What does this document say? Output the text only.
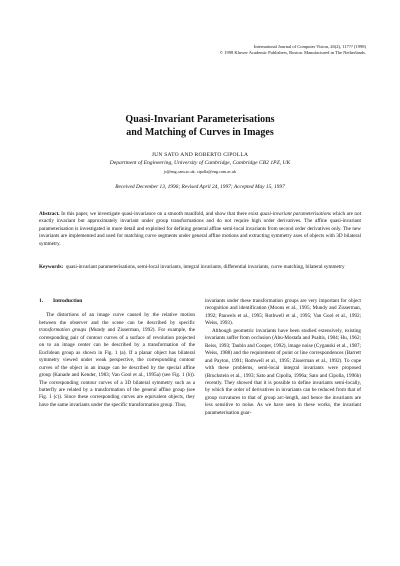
International Journal of Computer Vision, 26(2), 117?? (1998)
© 1998 Kluwer Academic Publishers, Boston. Manufactured in The Netherlands.
Quasi-Invariant Parameterisations
and Matching of Curves in Images
JUN SATO AND ROBERTO CIPOLLA
Department of Engineering, University of Cambridge, Cambridge CB2 1PZ, UK
js@eng.cam.ac.uk, cipolla@eng.cam.ac.uk
Received December 13, 1996; Revised April 24, 1997; Accepted May 15, 1997

Abstract. In this paper, we investigate quasi-invariance on a smooth manifold, and show that there exist quasi-invariant parameterisations which are not exactly invariant but approximately invariant under group transformations and do not require high order derivatives. The affine quasi-invariant parameterisation is investigated in more detail and exploited for defining general affine semi-local invariants from second order derivatives only. The new invariants are implemented and used for matching curve segments under general affine motions and extracting symmetry axes of objects with 3D bilateral symmetry.

Keywords: quasi-invariant parameterisations, semi-local invariants, integral invariants, differential invariants, curve matching, bilateral symmetry

1. Introduction

The distortions of an image curve caused by the relative motion between the observer and the scene can be described by specific transformation groups (Mundy and Zisserman, 1992). For example, the corresponding pair of contour curves of a surface of revolution projected on to an image center can be described by a transformation of the Euclidean group as shown in Fig. 1 (a). If a planar object has bilateral symmetry viewed under weak perspective, the corresponding contour curves of the object in an image can be described by the special affine group (Kanade and Kender, 1983; Van Gool et al., 1995a) (see Fig. 1 (b)). The corresponding contour curves of a 3D bilateral symmetry such as a butterfly are related by a transformation of the general affine group (see Fig. 1 (c)). Since these corresponding curves are equivalent objects, they have the same invariants under the specific transformation group. Thus,

invariants under these transformation groups are very important for object recognition and identification (Moons et al., 1995; Mundy and Zisserman, 1992; Pauwels et al., 1995; Rothwell et al., 1995; Van Gool et al., 1992; Weiss, 1993).

Although geometric invariants have been studied extensively, existing invariants suffer from occlusion (Abu-Mostafa and Psaltis, 1984; Hu, 1962; Reiss, 1993; Taubin and Cooper, 1992), image noise (Cyganski et al., 1987; Weiss, 1988) and the requirement of point or line correspondences (Barrett and Payton, 1991; Rothwell et al., 1995; Zisserman et al., 1992). To cope with these problems, semi-local integral invariants were proposed (Bruckstein et al., 1993; Sato and Cipolla, 1996a; Sato and Cipolla, 1996b) recently. They showed that it is possible to define invariants semi-locally, by which the order of derivatives in invariants can be reduced from that of group curvatures to that of group arc-length, and hence the invariants are less sensitive to noise. As we have seen in these works, the invariant parameterisation guar-
